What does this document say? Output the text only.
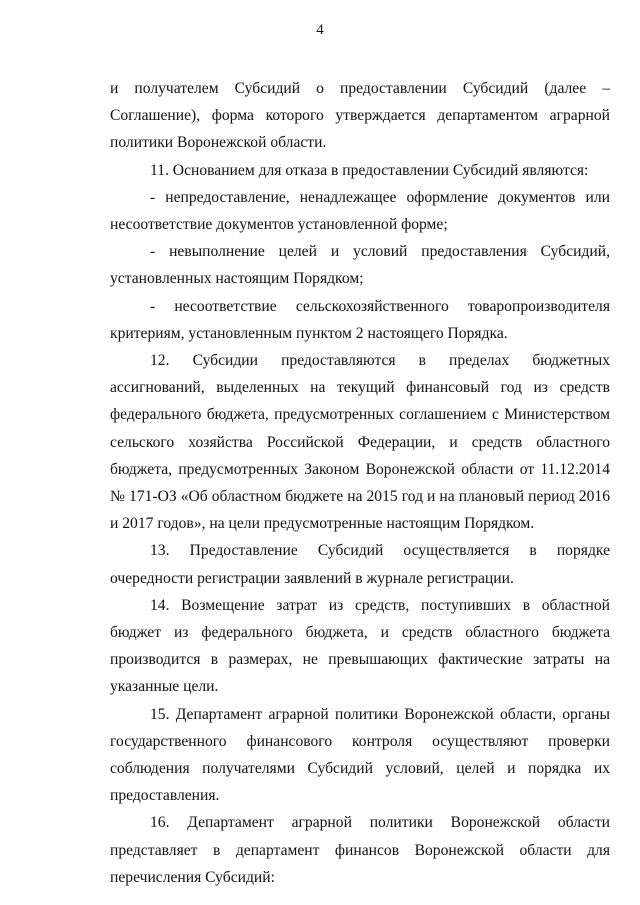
4

и получателем Субсидий о предоставлении Субсидий (далее – Соглашение), форма которого утверждается департаментом аграрной политики Воронежской области.

11. Основанием для отказа в предоставлении Субсидий являются:

- непредоставление, ненадлежащее оформление документов или несоответствие документов установленной форме;

- невыполнение целей и условий предоставления Субсидий, установленных настоящим Порядком;

- несоответствие сельскохозяйственного товаропроизводителя критериям, установленным пунктом 2 настоящего Порядка.

12. Субсидии предоставляются в пределах бюджетных ассигнований, выделенных на текущий финансовый год из средств федерального бюджета, предусмотренных соглашением с Министерством сельского хозяйства Российской Федерации, и средств областного бюджета, предусмотренных Законом Воронежской области от 11.12.2014 № 171-ОЗ «Об областном бюджете на 2015 год и на плановый период 2016 и 2017 годов», на цели предусмотренные настоящим Порядком.

13. Предоставление Субсидий осуществляется в порядке очередности регистрации заявлений в журнале регистрации.

14. Возмещение затрат из средств, поступивших в областной бюджет из федерального бюджета, и средств областного бюджета производится в размерах, не превышающих фактические затраты на указанные цели.

15. Департамент аграрной политики Воронежской области, органы государственного финансового контроля осуществляют проверки соблюдения получателями Субсидий условий, целей и порядка их предоставления.

16. Департамент аграрной политики Воронежской области представляет в департамент финансов Воронежской области для перечисления Субсидий:
